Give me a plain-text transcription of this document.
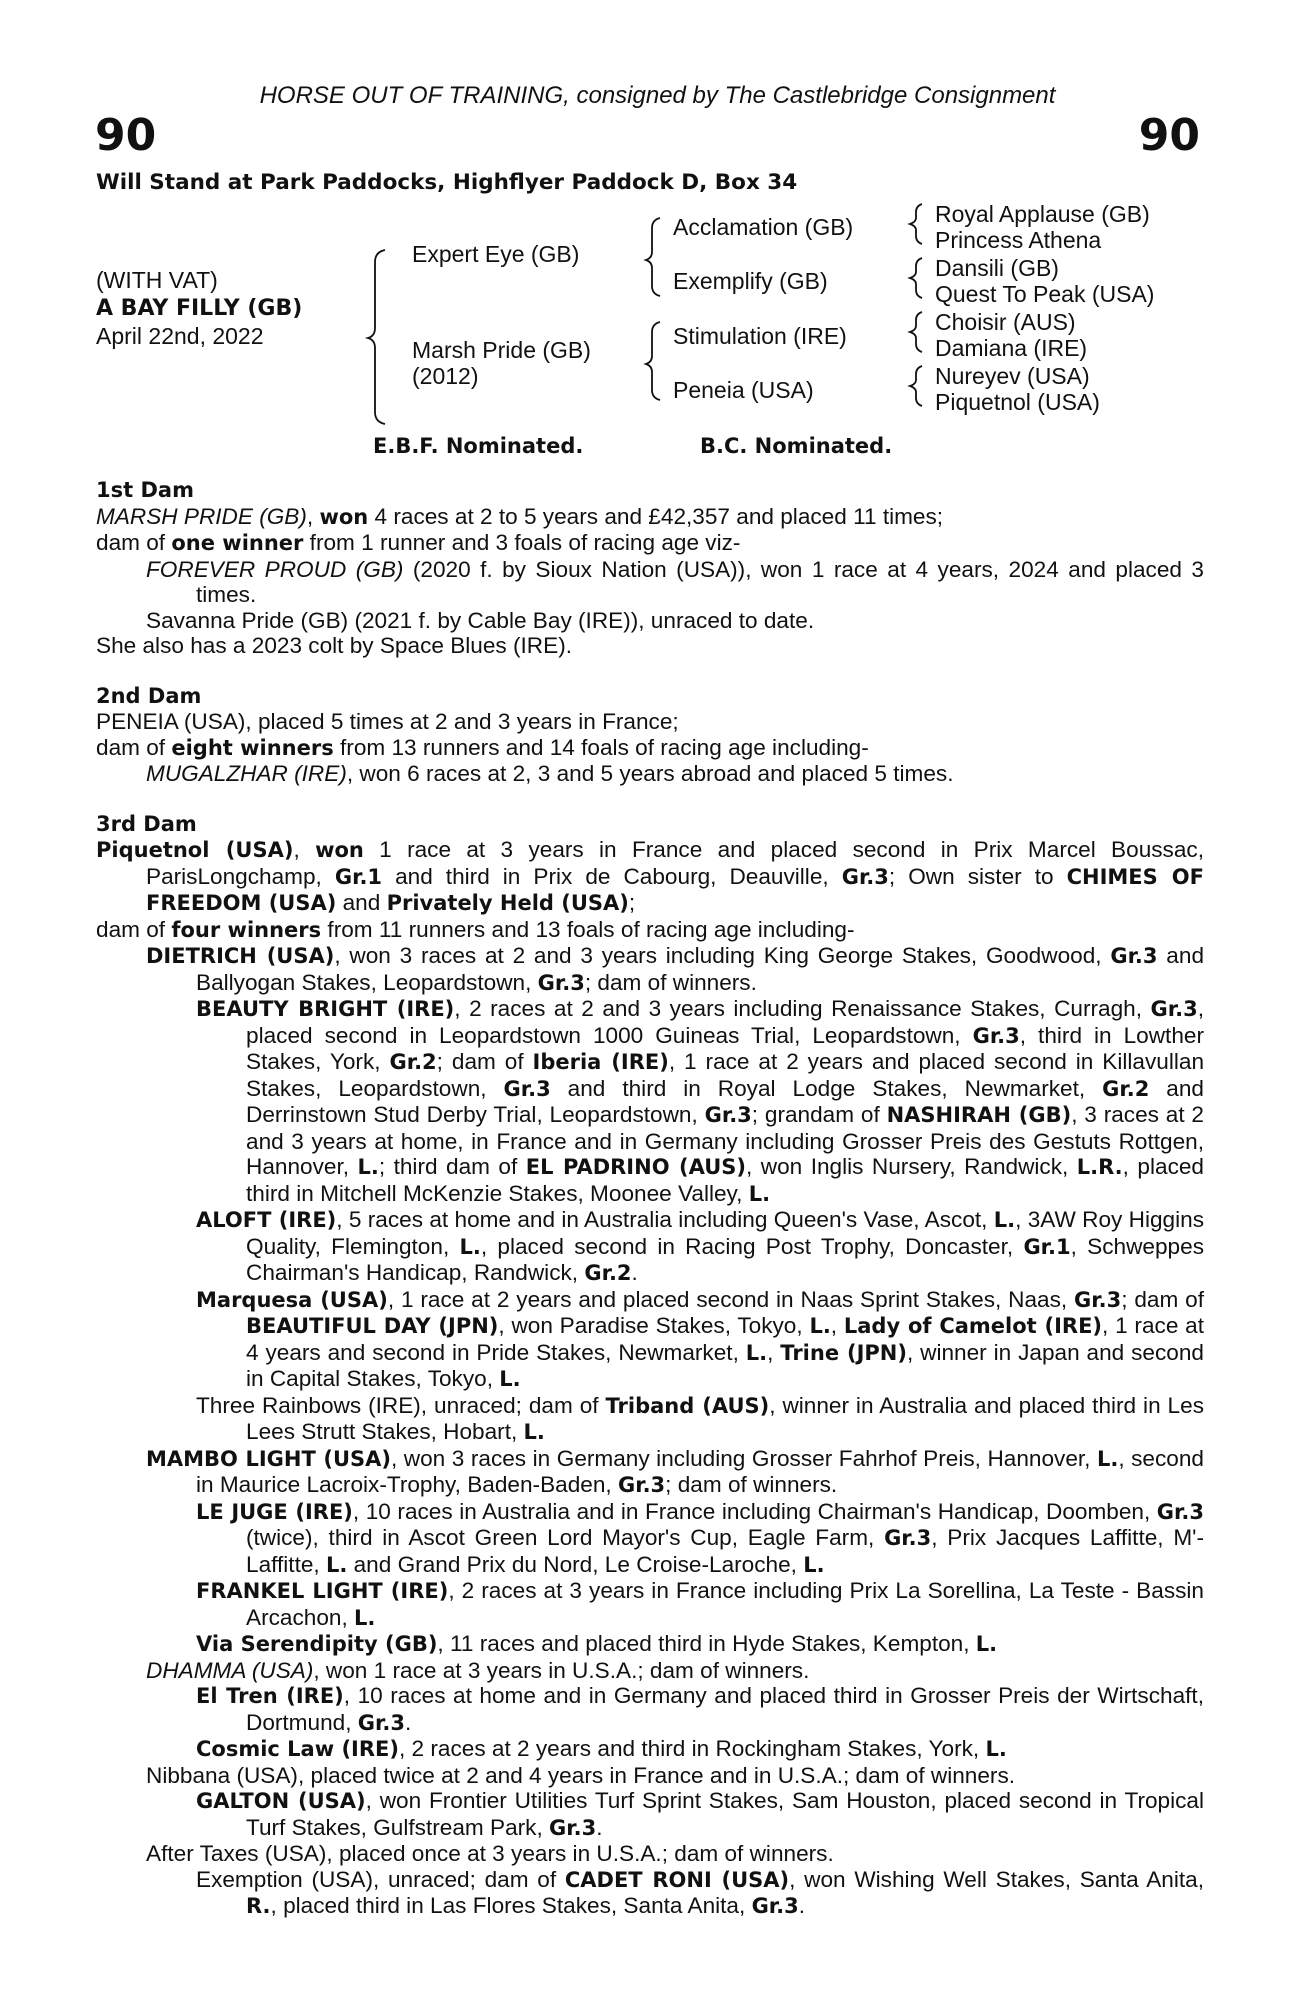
HORSE OUT OF TRAINING, consigned by The Castlebridge Consignment
90	90
Will Stand at Park Paddocks, Highflyer Paddock D, Box 34
(WITH VAT)
A BAY FILLY (GB)
April 22nd, 2022
Expert Eye (GB)
Marsh Pride (GB)
(2012)
Acclamation (GB)
Exemplify (GB)
Stimulation (IRE)
Peneia (USA)
Royal Applause (GB)
Princess Athena
Dansili (GB)
Quest To Peak (USA)
Choisir (AUS)
Damiana (IRE)
Nureyev (USA)
Piquetnol (USA)
E.B.F. Nominated.	B.C. Nominated.
1st Dam

MARSH PRIDE (GB), won 4 races at 2 to 5 years and £42,357 and placed 11 times;

dam of one winner from 1 runner and 3 foals of racing age viz-

FOREVER PROUD (GB) (2020 f. by Sioux Nation (USA)), won 1 race at 4 years, 2024 and placed 3 times.

Savanna Pride (GB) (2021 f. by Cable Bay (IRE)), unraced to date.

She also has a 2023 colt by Space Blues (IRE).

2nd Dam

PENEIA (USA), placed 5 times at 2 and 3 years in France;

dam of eight winners from 13 runners and 14 foals of racing age including-

MUGALZHAR (IRE), won 6 races at 2, 3 and 5 years abroad and placed 5 times.

3rd Dam

Piquetnol (USA), won 1 race at 3 years in France and placed second in Prix Marcel Boussac, ParisLongchamp, Gr.1 and third in Prix de Cabourg, Deauville, Gr.3; Own sister to CHIMES OF FREEDOM (USA) and Privately Held (USA);

dam of four winners from 11 runners and 13 foals of racing age including-

DIETRICH (USA), won 3 races at 2 and 3 years including King George Stakes, Goodwood, Gr.3 and Ballyogan Stakes, Leopardstown, Gr.3; dam of winners.

BEAUTY BRIGHT (IRE), 2 races at 2 and 3 years including Renaissance Stakes, Curragh, Gr.3, placed second in Leopardstown 1000 Guineas Trial, Leopardstown, Gr.3, third in Lowther Stakes, York, Gr.2; dam of Iberia (IRE), 1 race at 2 years and placed second in Killavullan Stakes, Leopardstown, Gr.3 and third in Royal Lodge Stakes, Newmarket, Gr.2 and Derrinstown Stud Derby Trial, Leopardstown, Gr.3; grandam of NASHIRAH (GB), 3 races at 2 and 3 years at home, in France and in Germany including Grosser Preis des Gestuts Rottgen, Hannover, L.; third dam of EL PADRINO (AUS), won Inglis Nursery, Randwick, L.R., placed third in Mitchell McKenzie Stakes, Moonee Valley, L.

ALOFT (IRE), 5 races at home and in Australia including Queen's Vase, Ascot, L., 3AW Roy Higgins Quality, Flemington, L., placed second in Racing Post Trophy, Doncaster, Gr.1, Schweppes Chairman's Handicap, Randwick, Gr.2.

Marquesa (USA), 1 race at 2 years and placed second in Naas Sprint Stakes, Naas, Gr.3; dam of BEAUTIFUL DAY (JPN), won Paradise Stakes, Tokyo, L., Lady of Camelot (IRE), 1 race at 4 years and second in Pride Stakes, Newmarket, L., Trine (JPN), winner in Japan and second in Capital Stakes, Tokyo, L.

Three Rainbows (IRE), unraced; dam of Triband (AUS), winner in Australia and placed third in Les Lees Strutt Stakes, Hobart, L.

MAMBO LIGHT (USA), won 3 races in Germany including Grosser Fahrhof Preis, Hannover, L., second in Maurice Lacroix-Trophy, Baden-Baden, Gr.3; dam of winners.

LE JUGE (IRE), 10 races in Australia and in France including Chairman's Handicap, Doomben, Gr.3 (twice), third in Ascot Green Lord Mayor's Cup, Eagle Farm, Gr.3, Prix Jacques Laffitte, M'-Laffitte, L. and Grand Prix du Nord, Le Croise-Laroche, L.

FRANKEL LIGHT (IRE), 2 races at 3 years in France including Prix La Sorellina, La Teste - Bassin Arcachon, L.

Via Serendipity (GB), 11 races and placed third in Hyde Stakes, Kempton, L.

DHAMMA (USA), won 1 race at 3 years in U.S.A.; dam of winners.

El Tren (IRE), 10 races at home and in Germany and placed third in Grosser Preis der Wirtschaft, Dortmund, Gr.3.

Cosmic Law (IRE), 2 races at 2 years and third in Rockingham Stakes, York, L.

Nibbana (USA), placed twice at 2 and 4 years in France and in U.S.A.; dam of winners.

GALTON (USA), won Frontier Utilities Turf Sprint Stakes, Sam Houston, placed second in Tropical Turf Stakes, Gulfstream Park, Gr.3.

After Taxes (USA), placed once at 3 years in U.S.A.; dam of winners.

Exemption (USA), unraced; dam of CADET RONI (USA), won Wishing Well Stakes, Santa Anita, R., placed third in Las Flores Stakes, Santa Anita, Gr.3.
